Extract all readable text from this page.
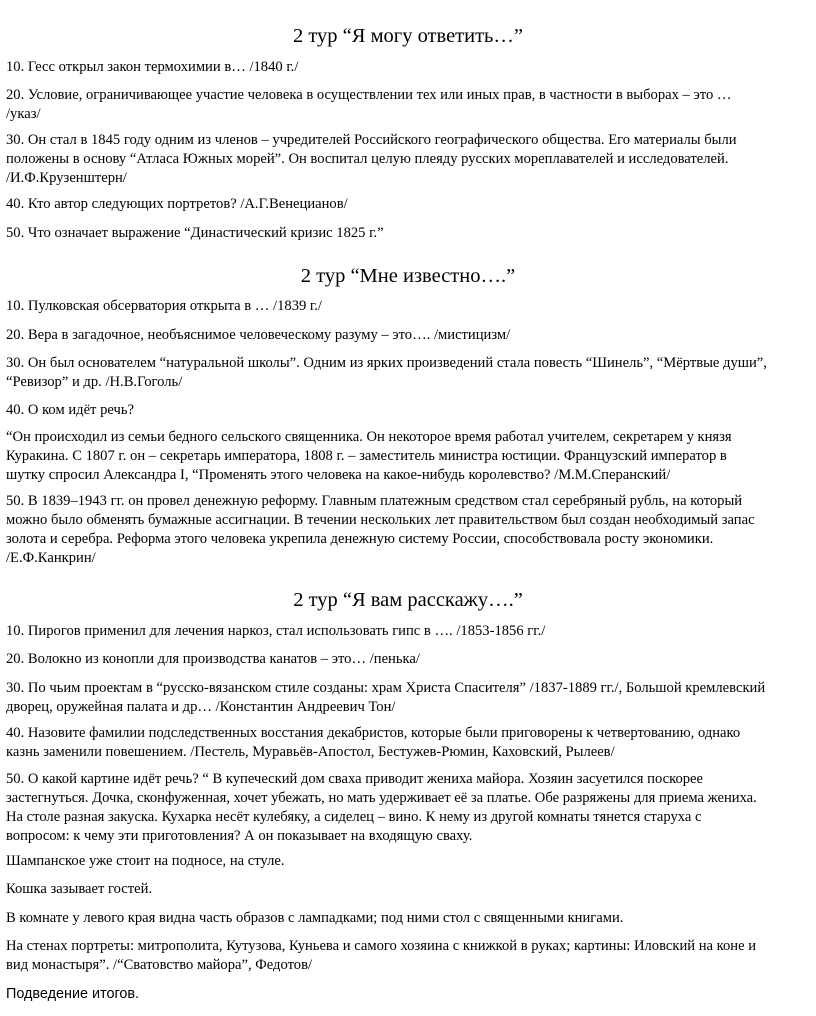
2 тур “Я могу ответить…”
10. Гесс открыл закон термохимии в… /1840 г./
20. Условие, ограничивающее участие человека в осуществлении тех или иных прав, в частности в выборах – это …
/указ/
30. Он стал в 1845 году одним из членов – учредителей Российского географического общества. Его материалы были
положены в основу “Атласа Южных морей”. Он воспитал целую плеяду русских мореплавателей и исследователей.
/И.Ф.Крузенштерн/
40. Кто автор следующих портретов? /А.Г.Венецианов/
50. Что означает выражение “Династический кризис 1825 г.”
2 тур “Мне известно….”
10. Пулковская обсерватория открыта в … /1839 г./
20. Вера в загадочное, необъяснимое человеческому разуму – это…. /мистицизм/
30. Он был основателем “натуральной школы”. Одним из ярких произведений стала повесть “Шинель”, “Мёртвые души”,
“Ревизор” и др. /Н.В.Гоголь/
40. О ком идёт речь?
“Он происходил из семьи бедного сельского священника. Он некоторое время работал учителем, секретарем у князя
Куракина. С 1807 г. он – секретарь императора, 1808 г. – заместитель министра юстиции. Французский император в
шутку спросил Александра I, “Променять этого человека на какое-нибудь королевство? /М.М.Сперанский/
50. В 1839–1943 гг. он провел денежную реформу. Главным платежным средством стал серебряный рубль, на который
можно было обменять бумажные ассигнации. В течении нескольких лет правительством был создан необходимый запас
золота и серебра. Реформа этого человека укрепила денежную систему России, способствовала росту экономики.
/Е.Ф.Канкрин/
2 тур “Я вам расскажу….”
10. Пирогов применил для лечения наркоз, стал использовать гипс в …. /1853-1856 гг./
20. Волокно из конопли для производства канатов – это… /пенька/
30. По чьим проектам в “русско-вязанском стиле созданы: храм Христа Спасителя” /1837-1889 гг./, Большой кремлевский
дворец, оружейная палата и др… /Константин Андреевич Тон/
40. Назовите фамилии подследственных восстания декабристов, которые были приговорены к четвертованию, однако
казнь заменили повешением. /Пестель, Муравьёв-Апостол, Бестужев-Рюмин, Каховский, Рылеев/
50. О какой картине идёт речь? “ В купеческий дом сваха приводит жениха майора. Хозяин засуетился поскорее
застегнуться. Дочка, сконфуженная, хочет убежать, но мать удерживает её за платье. Обе разряжены для приема жениха.
На столе разная закуска. Кухарка несёт кулебяку, а сиделец – вино. К нему из другой комнаты тянется старуха с
вопросом: к чему эти приготовления? А он показывает на входящую сваху.
Шампанское уже стоит на подносе, на стуле.
Кошка зазывает гостей.
В комнате у левого края видна часть образов с лампадками; под ними стол с священными книгами.
На стенах портреты: митрополита, Кутузова, Куньева и самого хозяина с книжкой в руках; картины: Иловский на коне и
вид монастыря”. /“Сватовство майора”, Федотов/
Подведение итогов.
